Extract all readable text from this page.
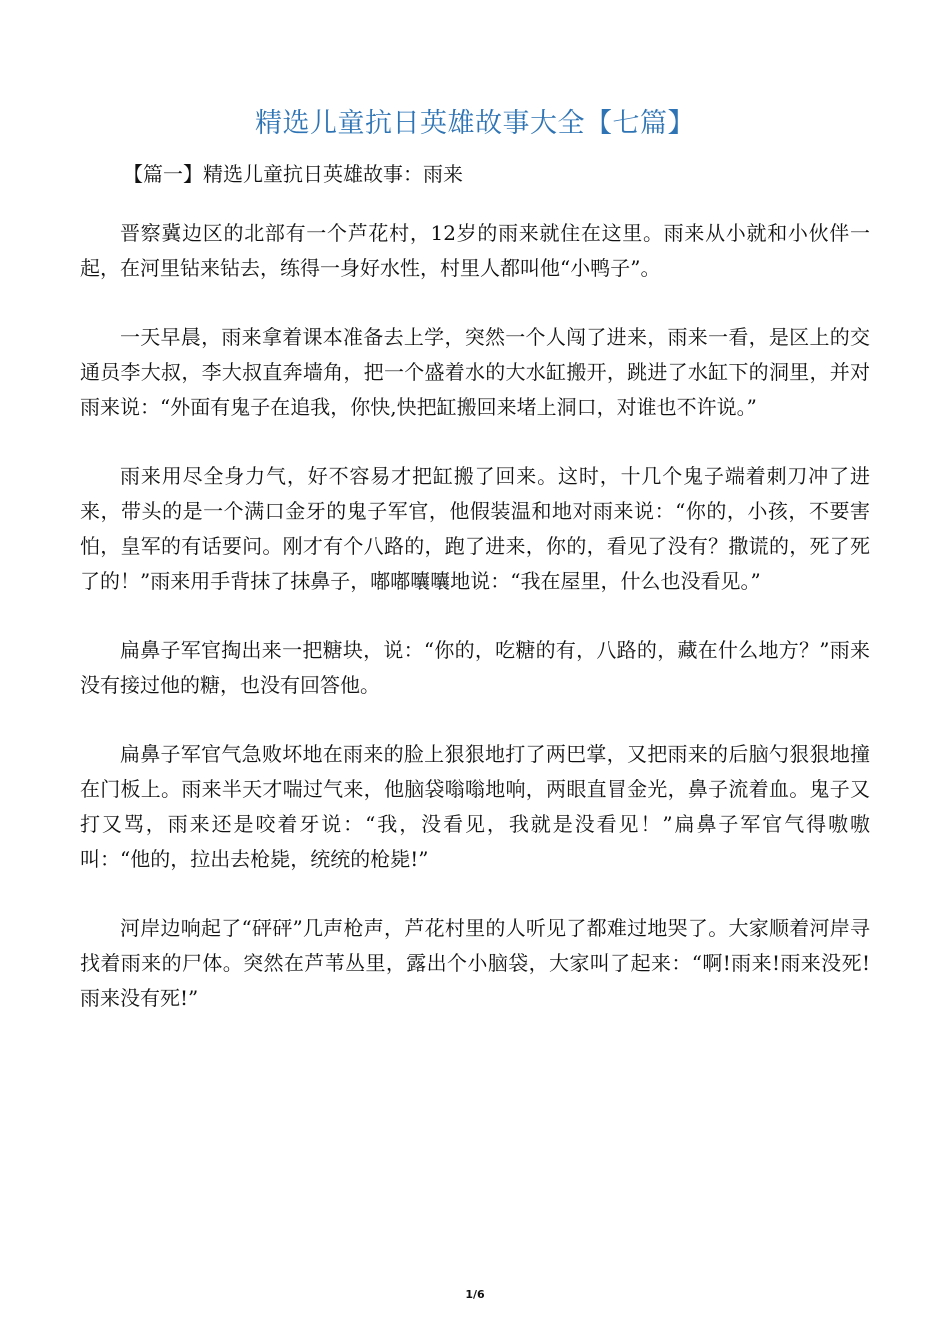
精选儿童抗日英雄故事大全【七篇】
【篇一】精选儿童抗日英雄故事：雨来

晋察冀边区的北部有一个芦花村，12岁的雨来就住在这里。雨来从小就和小伙伴一起，在河里钻来钻去，练得一身好水性，村里人都叫他“小鸭子”。

一天早晨，雨来拿着课本准备去上学，突然一个人闯了进来，雨来一看，是区上的交通员李大叔，李大叔直奔墙角，把一个盛着水的大水缸搬开，跳进了水缸下的洞里，并对雨来说：“外面有鬼子在追我，你快,快把缸搬回来堵上洞口，对谁也不许说。”

雨来用尽全身力气，好不容易才把缸搬了回来。这时，十几个鬼子端着刺刀冲了进来，带头的是一个满口金牙的鬼子军官，他假装温和地对雨来说：“你的，小孩，不要害怕，皇军的有话要问。刚才有个八路的，跑了进来，你的，看见了没有？撒谎的，死了死了的！”雨来用手背抹了抹鼻子，嘟嘟囔囔地说：“我在屋里，什么也没看见。”

扁鼻子军官掏出来一把糖块，说：“你的，吃糖的有，八路的，藏在什么地方？”雨来没有接过他的糖，也没有回答他。

扁鼻子军官气急败坏地在雨来的脸上狠狠地打了两巴掌，又把雨来的后脑勺狠狠地撞在门板上。雨来半天才喘过气来，他脑袋嗡嗡地响，两眼直冒金光，鼻子流着血。鬼子又打又骂，雨来还是咬着牙说：“我，没看见，我就是没看见！”扁鼻子军官气得嗷嗷叫：“他的，拉出去枪毙，统统的枪毙!”

河岸边响起了“砰砰”几声枪声，芦花村里的人听见了都难过地哭了。大家顺着河岸寻找着雨来的尸体。突然在芦苇丛里，露出个小脑袋，大家叫了起来：“啊!雨来!雨来没死!雨来没有死!”

1/6
